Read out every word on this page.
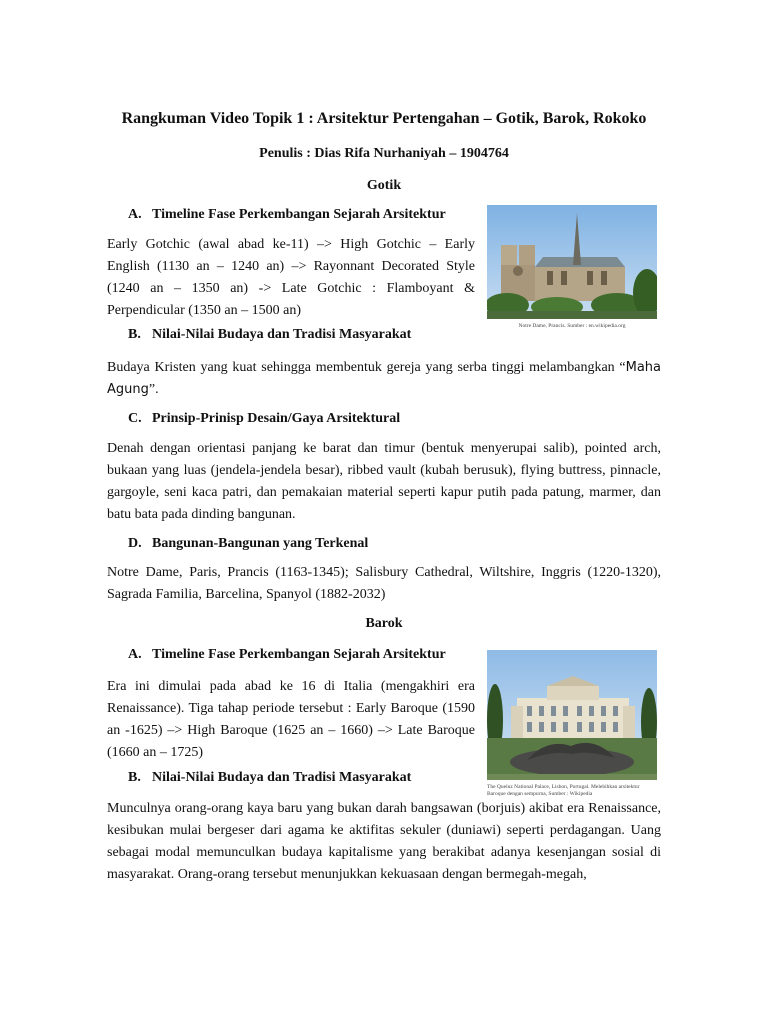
Rangkuman Video Topik 1 : Arsitektur Pertengahan – Gotik, Barok, Rokoko
Penulis : Dias Rifa Nurhaniyah – 1904764
Gotik
A. Timeline Fase Perkembangan Sejarah Arsitektur
Early Gotchic (awal abad ke-11) –> High Gotchic – Early English (1130 an – 1240 an) –> Rayonnant Decorated Style (1240 an – 1350 an) -> Late Gotchic : Flamboyant & Perpendicular (1350 an – 1500 an)
Notre Dame, Prancis. Sumber : en.wikipedia.org
B. Nilai-Nilai Budaya dan Tradisi Masyarakat
Budaya Kristen yang kuat sehingga membentuk gereja yang serba tinggi melambangkan “Maha Agung”.
C. Prinsip-Prinisp Desain/Gaya Arsitektural
Denah dengan orientasi panjang ke barat dan timur (bentuk menyerupai salib), pointed arch, bukaan yang luas (jendela-jendela besar), ribbed vault (kubah berusuk), flying buttress, pinnacle, gargoyle, seni kaca patri, dan pemakaian material seperti kapur putih pada patung, marmer, dan batu bata pada dinding bangunan.
D. Bangunan-Bangunan yang Terkenal
Notre Dame, Paris, Prancis (1163-1345); Salisbury Cathedral, Wiltshire, Inggris (1220-1320), Sagrada Familia, Barcelina, Spanyol (1882-2032)
Barok
A. Timeline Fase Perkembangan Sejarah Arsitektur
Era ini dimulai pada abad ke 16 di Italia (mengakhiri era Renaissance). Tiga tahap periode tersebut : Early Baroque (1590 an -1625) –> High Baroque (1625 an – 1660) –> Late Baroque (1660 an – 1725)
The Queluz National Palace, Lisbon, Portugal. Melebihkan arsitektur Baroque dengan sempurna, Sumber : Wikipedia
B. Nilai-Nilai Budaya dan Tradisi Masyarakat
Munculnya orang-orang kaya baru yang bukan darah bangsawan (borjuis) akibat era Renaissance, kesibukan mulai bergeser dari agama ke aktifitas sekuler (duniawi) seperti perdagangan. Uang sebagai modal memunculkan budaya kapitalisme yang berakibat adanya kesenjangan sosial di masyarakat. Orang-orang tersebut menunjukkan kekuasaan dengan bermegah-megah,
